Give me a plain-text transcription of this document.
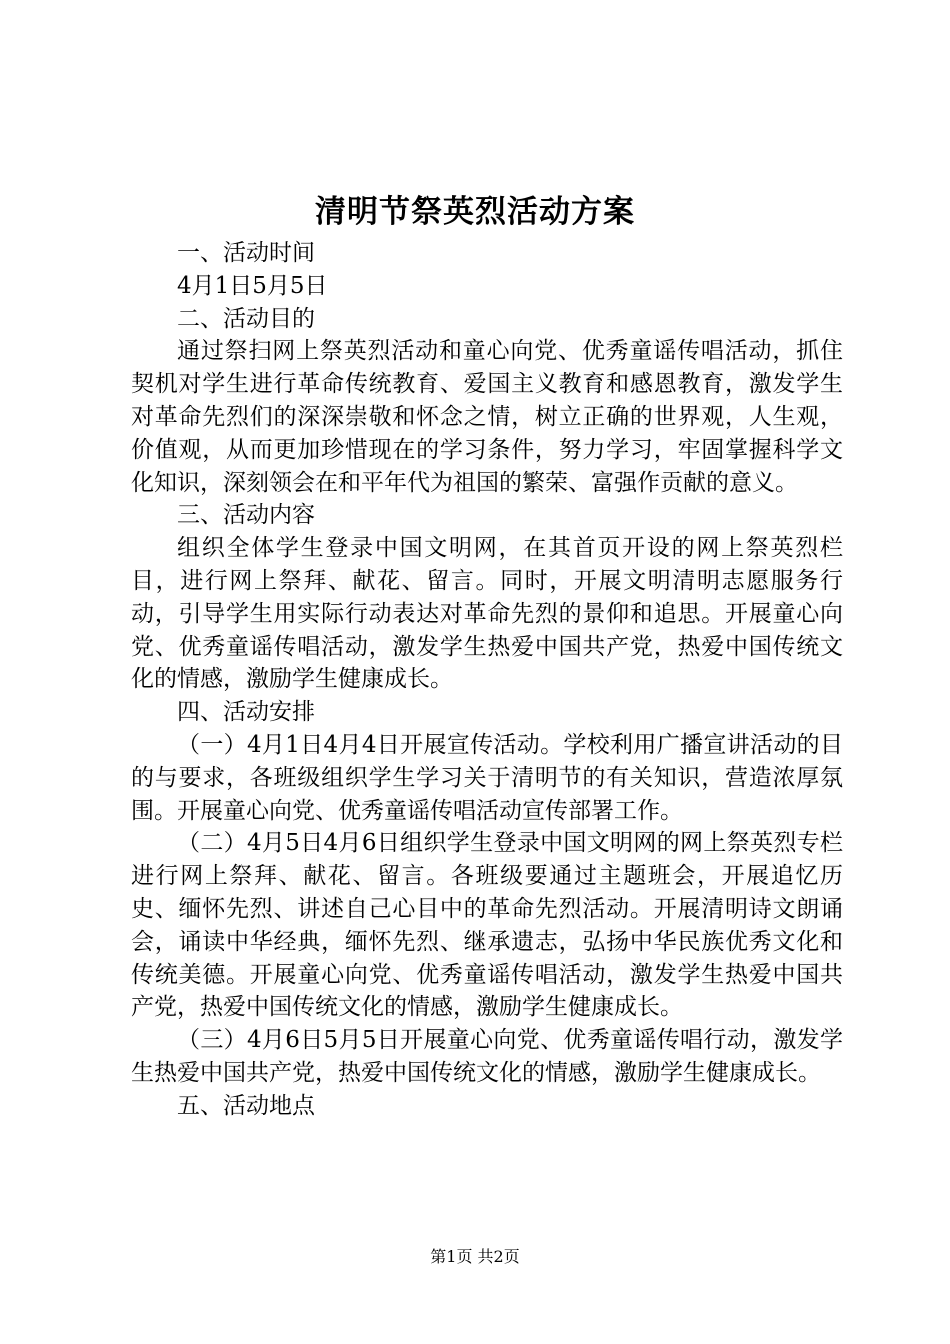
清明节祭英烈活动方案

一、活动时间

4月1日5月5日

二、活动目的

通过祭扫网上祭英烈活动和童心向党、优秀童谣传唱活动，抓住契机对学生进行革命传统教育、爱国主义教育和感恩教育，激发学生对革命先烈们的深深崇敬和怀念之情，树立正确的世界观，人生观，价值观，从而更加珍惜现在的学习条件，努力学习，牢固掌握科学文化知识，深刻领会在和平年代为祖国的繁荣、富强作贡献的意义。

三、活动内容

组织全体学生登录中国文明网，在其首页开设的网上祭英烈栏目，进行网上祭拜、献花、留言。同时，开展文明清明志愿服务行动，引导学生用实际行动表达对革命先烈的景仰和追思。开展童心向党、优秀童谣传唱活动，激发学生热爱中国共产党，热爱中国传统文化的情感，激励学生健康成长。

四、活动安排

（一）4月1日4月4日开展宣传活动。学校利用广播宣讲活动的目的与要求，各班级组织学生学习关于清明节的有关知识，营造浓厚氛围。开展童心向党、优秀童谣传唱活动宣传部署工作。

（二）4月5日4月6日组织学生登录中国文明网的网上祭英烈专栏进行网上祭拜、献花、留言。各班级要通过主题班会，开展追忆历史、缅怀先烈、讲述自己心目中的革命先烈活动。开展清明诗文朗诵会，诵读中华经典，缅怀先烈、继承遗志，弘扬中华民族优秀文化和传统美德。开展童心向党、优秀童谣传唱活动，激发学生热爱中国共产党，热爱中国传统文化的情感，激励学生健康成长。

（三）4月6日5月5日开展童心向党、优秀童谣传唱行动，激发学生热爱中国共产党，热爱中国传统文化的情感，激励学生健康成长。

五、活动地点

第1页 共2页
